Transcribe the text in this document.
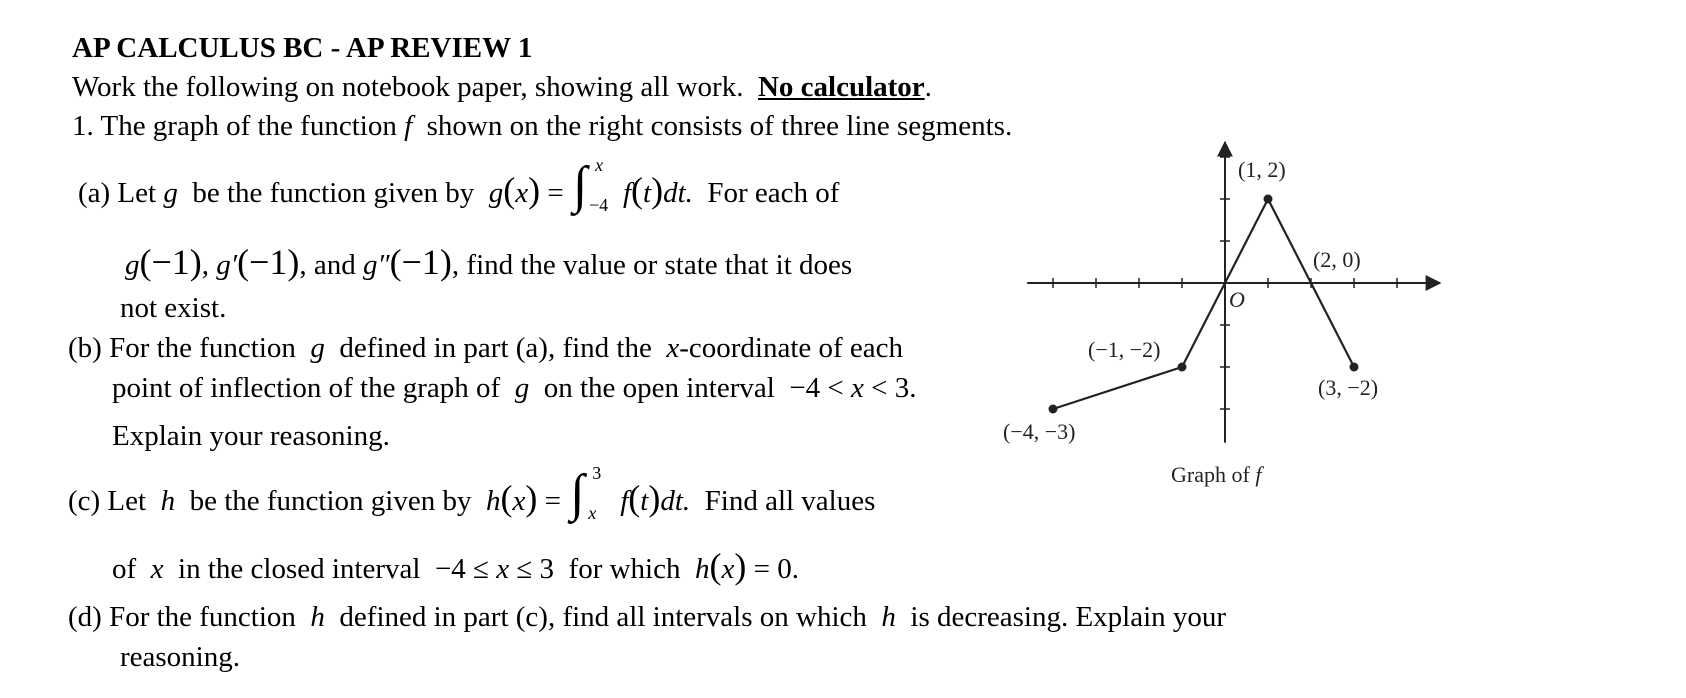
AP CALCULUS BC - AP REVIEW 1
Work the following on notebook paper, showing all work. No calculator.
1. The graph of the function f shown on the right consists of three line segments.
(a) Let g be the function given by g(x) = ∫ x
−4 f(t)dt. For each of
g(−1), g′(−1), and g″(−1), find the value or state that it does
not exist.
(b) For the function g defined in part (a), find the x-coordinate of each
point of inflection of the graph of g on the open interval −4 < x < 3.
Explain your reasoning.
(c) Let h be the function given by h(x) = ∫ 3
x f(t)dt. Find all values
of x in the closed interval −4 ≤ x ≤ 3 for which h(x) = 0.
(d) For the function h defined in part (c), find all intervals on which h is decreasing. Explain your
reasoning.
(−4, −3)
(−1, −2)
(1, 2)
(3, −2)
(2, 0)
O
Graph of f
